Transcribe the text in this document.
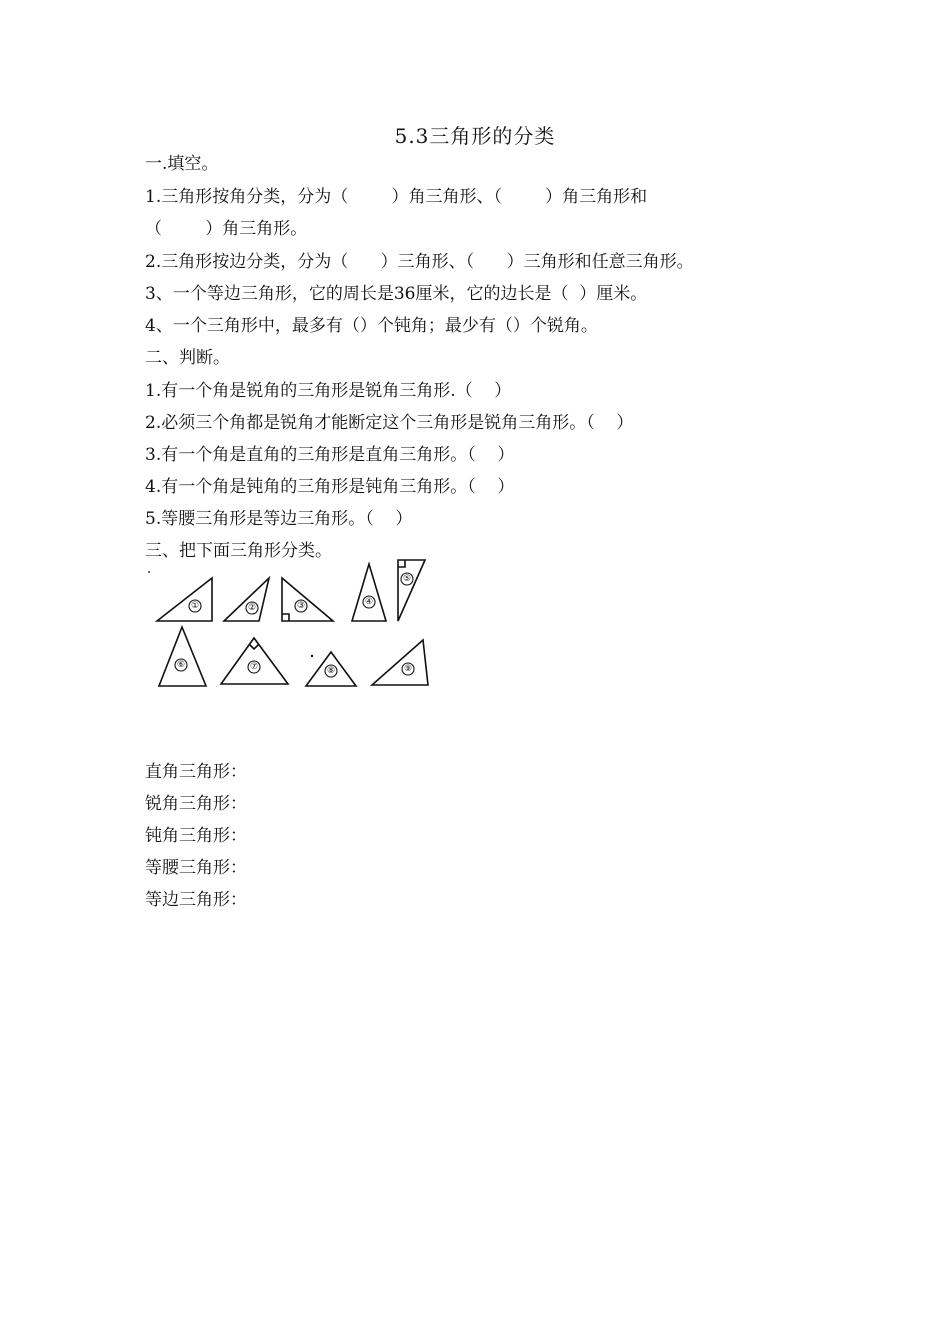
5.3三角形的分类
一.填空。
1.三角形按角分类，分为（        ）角三角形、（        ）角三角形和
（        ）角三角形。
2.三角形按边分类，分为（      ）三角形、（      ）三角形和任意三角形。
3、一个等边三角形，它的周长是36厘米，它的边长是（  ）厘米。
4、一个三角形中，最多有（）个钝角；最少有（）个锐角。
二、判断。
1.有一个角是锐角的三角形是锐角三角形.（    ）
2.必须三个角都是锐角才能断定这个三角形是锐角三角形。（    ）
3.有一个角是直角的三角形是直角三角形。（    ）
4.有一个角是钝角的三角形是钝角三角形。（    ）
5.等腰三角形是等边三角形。（    ）
三、把下面三角形分类。
①	②	③	④
⑤
⑥	⑦	⑧	⑨
直角三角形：
锐角三角形：
钝角三角形：
等腰三角形：
等边三角形：
